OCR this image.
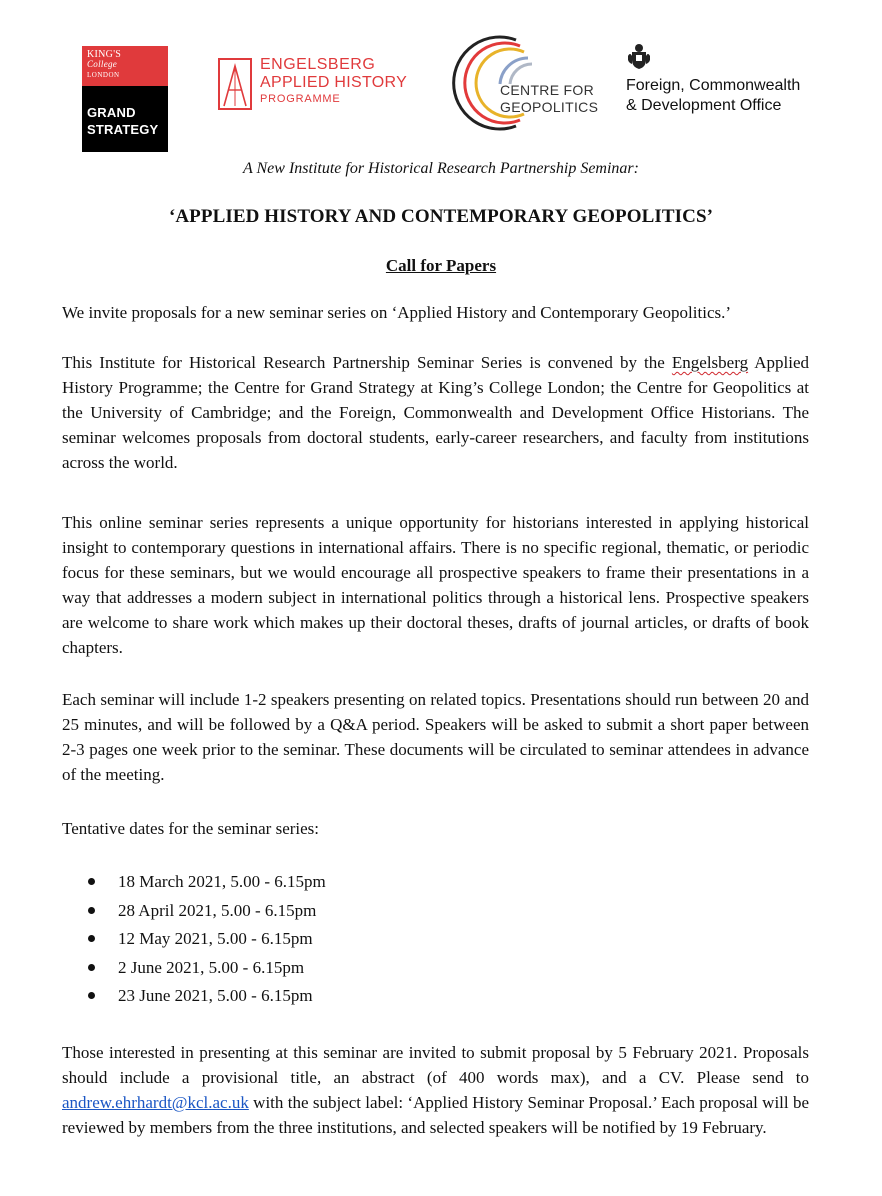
KING'S
College
LONDON
GRAND
STRATEGY
ENGELSBERG
APPLIED HISTORY
PROGRAMME
CENTRE FOR
GEOPOLITICS
Foreign, Commonwealth
& Development Office
A New Institute for Historical Research Partnership Seminar:
‘APPLIED HISTORY AND CONTEMPORARY GEOPOLITICS’
Call for Papers

We invite proposals for a new seminar series on ‘Applied History and Contemporary Geopolitics.’

This Institute for Historical Research Partnership Seminar Series is convened by the Engelsberg Applied History Programme; the Centre for Grand Strategy at King’s College London; the Centre for Geopolitics at the University of Cambridge; and the Foreign, Commonwealth and Development Office Historians. The seminar welcomes proposals from doctoral students, early-career researchers, and faculty from institutions across the world.

This online seminar series represents a unique opportunity for historians interested in applying historical insight to contemporary questions in international affairs. There is no specific regional, thematic, or periodic focus for these seminars, but we would encourage all prospective speakers to frame their presentations in a way that addresses a modern subject in international politics through a historical lens. Prospective speakers are welcome to share work which makes up their doctoral theses, drafts of journal articles, or drafts of book chapters.

Each seminar will include 1-2 speakers presenting on related topics. Presentations should run between 20 and 25 minutes, and will be followed by a Q&A period. Speakers will be asked to submit a short paper between 2-3 pages one week prior to the seminar. These documents will be circulated to seminar attendees in advance of the meeting.

Tentative dates for the seminar series:

18 March 2021, 5.00 - 6.15pm
28 April 2021, 5.00 - 6.15pm
12 May 2021, 5.00 - 6.15pm
2 June 2021, 5.00 - 6.15pm
23 June 2021, 5.00 - 6.15pm

Those interested in presenting at this seminar are invited to submit proposal by 5 February 2021. Proposals should include a provisional title, an abstract (of 400 words max), and a CV. Please send to andrew.ehrhardt@kcl.ac.uk with the subject label: ‘Applied History Seminar Proposal.’ Each proposal will be reviewed by members from the three institutions, and selected speakers will be notified by 19 February.
